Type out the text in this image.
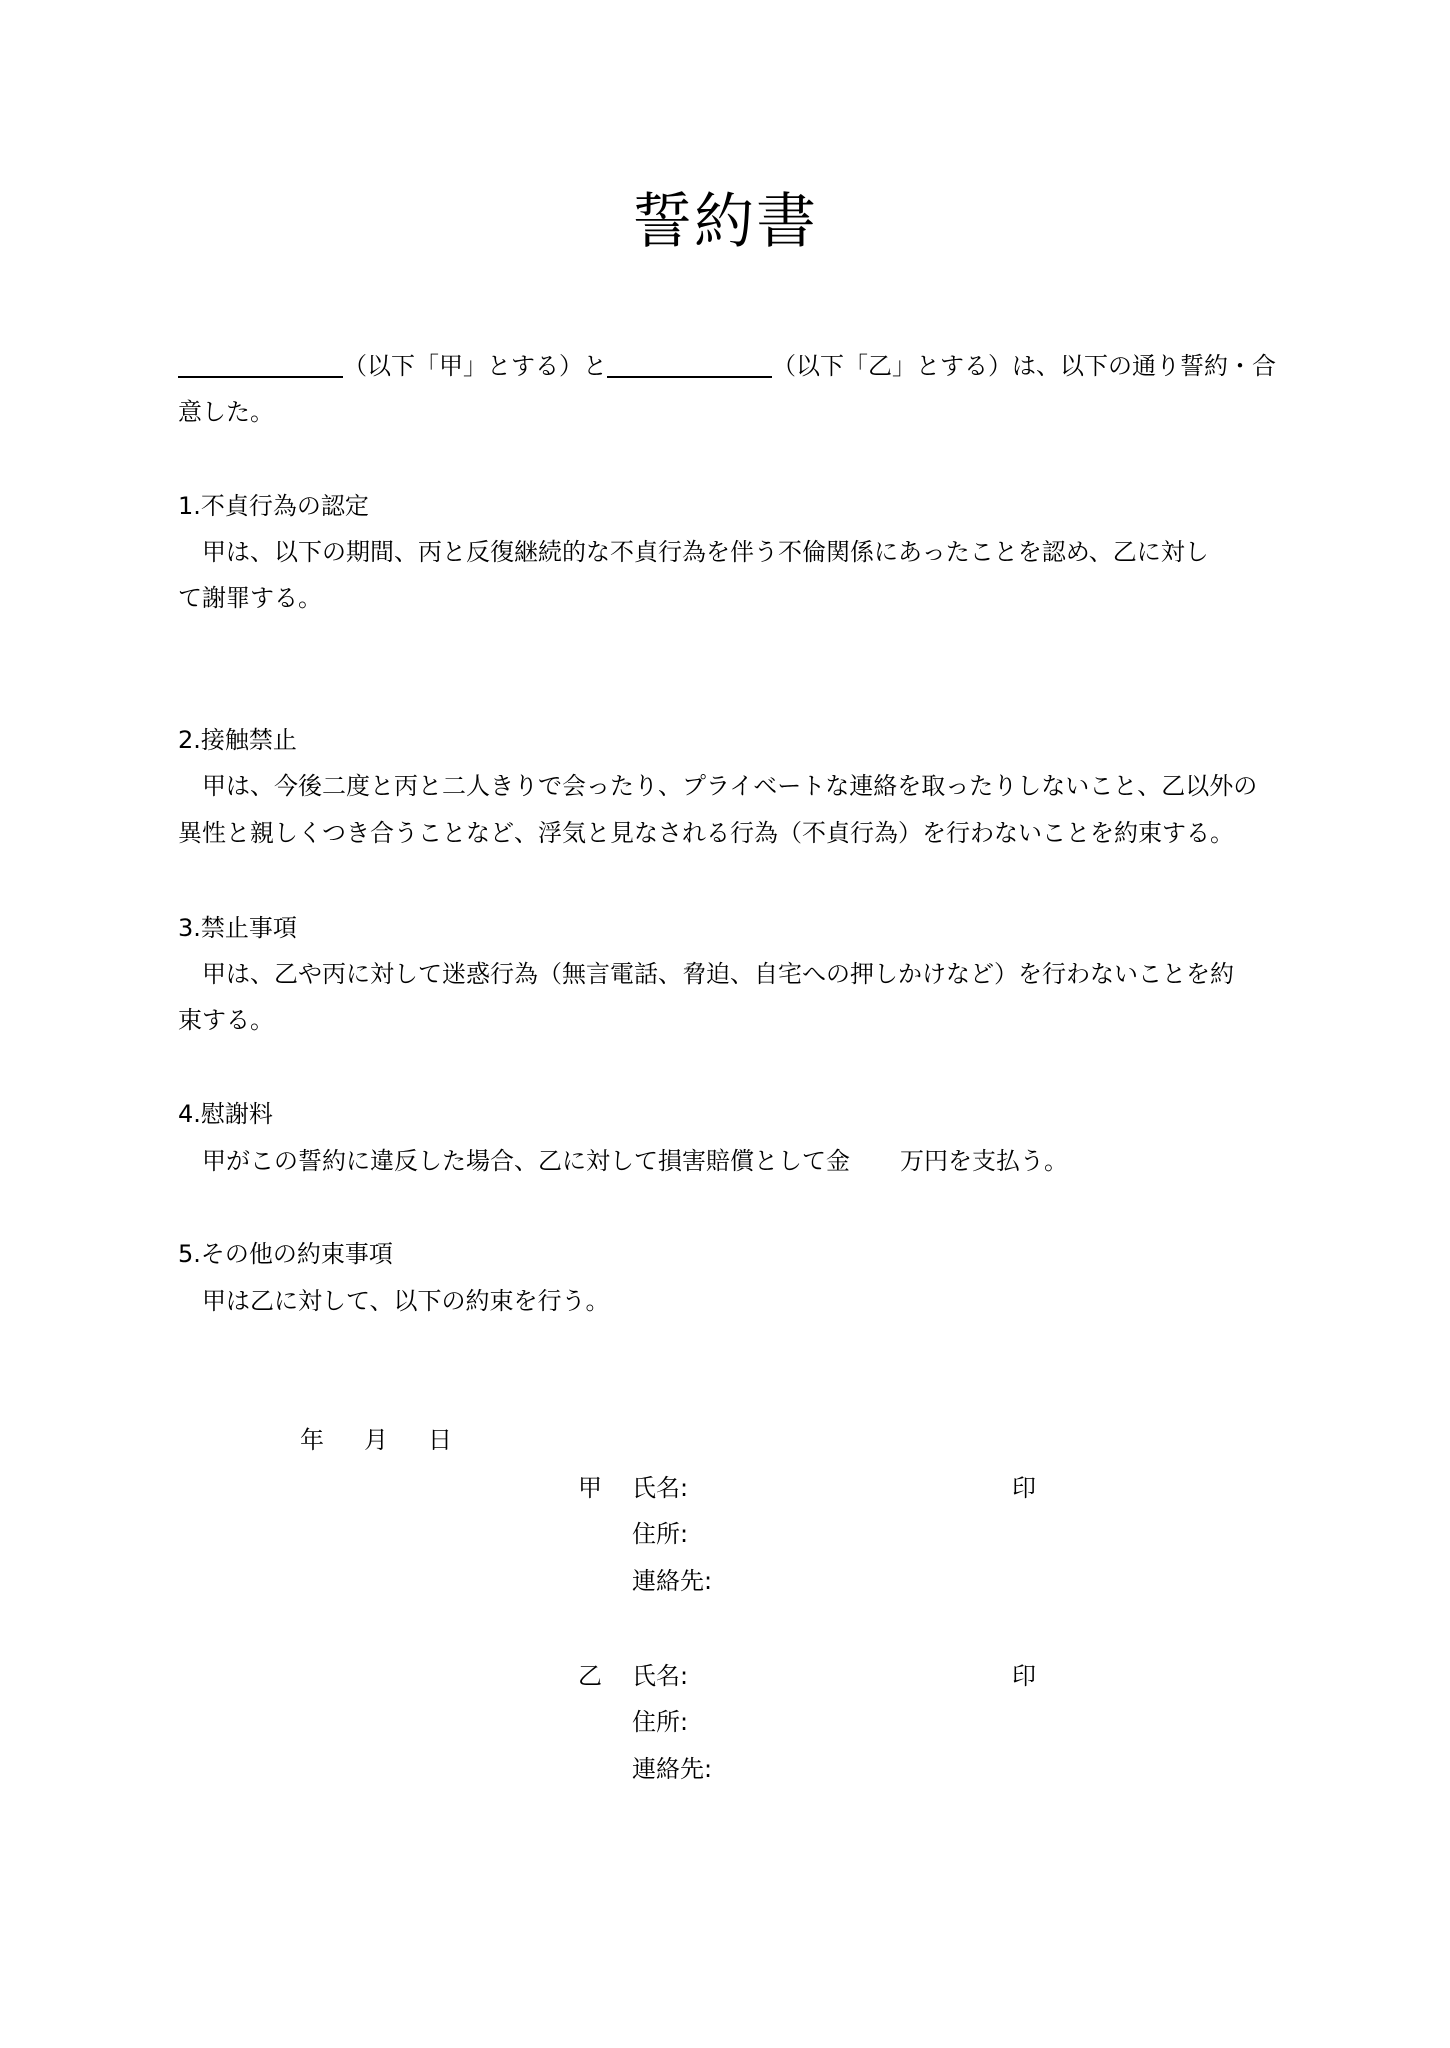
誓約書
（以下「甲」とする）と	（以下「乙」とする）は、以下の通り誓約・合
意した。
1.不貞行為の認定
　甲は、以下の期間、丙と反復継続的な不貞行為を伴う不倫関係にあったことを認め、乙に対し
て謝罪する。
2.接触禁止
　甲は、今後二度と丙と二人きりで会ったり、プライベートな連絡を取ったりしないこと、乙以外の
異性と親しくつき合うことなど、浮気と見なされる行為（不貞行為）を行わないことを約束する。
3.禁止事項
　甲は、乙や丙に対して迷惑行為（無言電話、脅迫、自宅への押しかけなど）を行わないことを約
束する。
4.慰謝料
　甲がこの誓約に違反した場合、乙に対して損害賠償として金 万円を支払う。
5.その他の約束事項
　甲は乙に対して、以下の約束を行う。
年 月 日
甲 氏名:	印
住所:
連絡先:
乙 氏名:	印
住所:
連絡先:
